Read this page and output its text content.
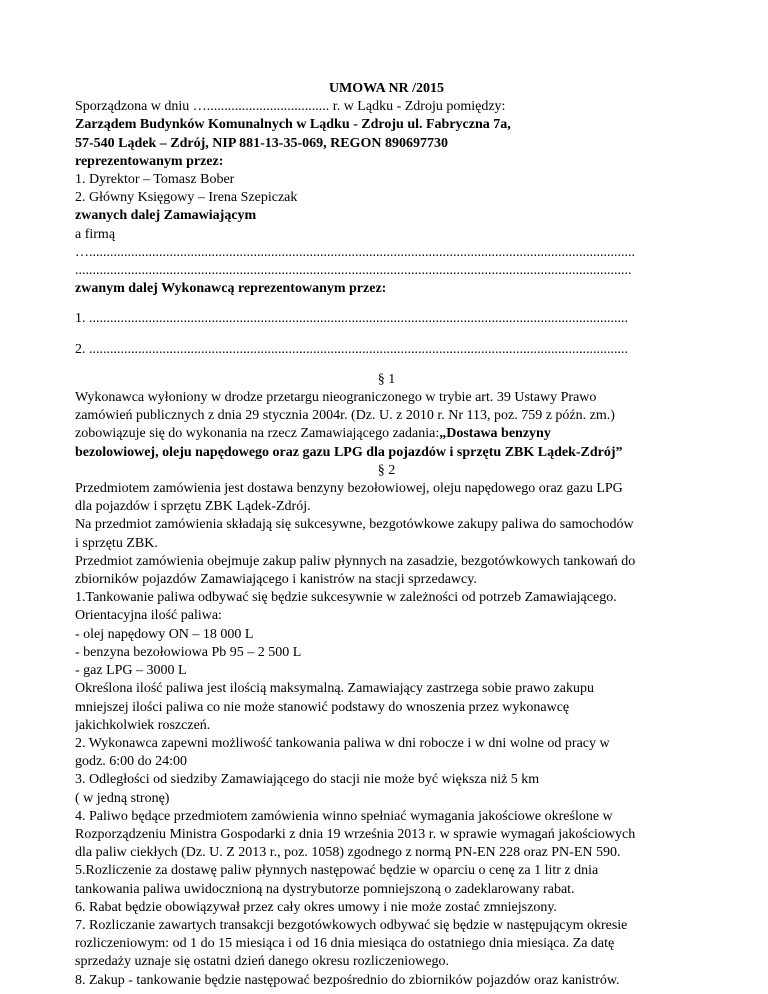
UMOWA NR /2015
Sporządzona w dniu …................................... r. w Lądku - Zdroju pomiędzy:
Zarządem Budynków Komunalnych w Lądku - Zdroju ul. Fabryczna 7a,
57-540 Lądek – Zdrój, NIP 881-13-35-069, REGON 890697730
reprezentowanym przez:
1. Dyrektor – Tomasz Bober
2. Główny Księgowy – Irena Szepiczak
zwanych dalej Zamawiającym
a firmą
…............................................................................................................................................................
...............................................................................................................................................................
zwanym dalej Wykonawcą reprezentowanym przez:
1. ..........................................................................................................................................................
2. ..........................................................................................................................................................
§ 1
Wykonawca wyłoniony w drodze przetargu nieograniczonego w trybie art. 39 Ustawy Prawo
zamówień publicznych z dnia 29 stycznia 2004r. (Dz. U. z 2010 r. Nr 113, poz. 759 z późn. zm.)
zobowiązuje się do wykonania na rzecz Zamawiającego zadania:„Dostawa benzyny
bezolowiowej, oleju napędowego oraz gazu LPG dla pojazdów i sprzętu ZBK Lądek-Zdrój”
§ 2
Przedmiotem zamówienia jest dostawa benzyny bezołowiowej, oleju napędowego oraz gazu LPG
dla pojazdów i sprzętu ZBK Lądek-Zdrój.
Na przedmiot zamówienia składają się sukcesywne, bezgotówkowe zakupy paliwa do samochodów
i sprzętu ZBK.
Przedmiot zamówienia obejmuje zakup paliw płynnych na zasadzie, bezgotówkowych tankowań do
zbiorników pojazdów Zamawiającego i kanistrów na stacji sprzedawcy.
1.Tankowanie paliwa odbywać się będzie sukcesywnie w zależności od potrzeb Zamawiającego.
Orientacyjna ilość paliwa:
- olej napędowy ON – 18 000 L
- benzyna bezołowiowa Pb 95 – 2 500 L
- gaz LPG – 3000 L
Określona ilość paliwa jest ilością maksymalną. Zamawiający zastrzega sobie prawo zakupu
mniejszej ilości paliwa co nie może stanowić podstawy do wnoszenia przez wykonawcę
jakichkolwiek roszczeń.
2. Wykonawca zapewni możliwość tankowania paliwa w dni robocze i w dni wolne od pracy w
godz. 6:00 do 24:00
3. Odległości od siedziby Zamawiającego do stacji nie może być większa niż 5 km
( w jedną stronę)
4. Paliwo będące przedmiotem zamówienia winno spełniać wymagania jakościowe określone w
Rozporządzeniu Ministra Gospodarki z dnia 19 września 2013 r. w sprawie wymagań jakościowych
dla paliw ciekłych (Dz. U. Z 2013 r., poz. 1058) zgodnego z normą PN-EN 228 oraz PN-EN 590.
5.Rozliczenie za dostawę paliw płynnych następować będzie w oparciu o cenę za 1 litr z dnia
tankowania paliwa uwidocznioną na dystrybutorze pomniejszoną o zadeklarowany rabat.
6. Rabat będzie obowiązywał przez cały okres umowy i nie może zostać zmniejszony.
7. Rozliczanie zawartych transakcji bezgotówkowych odbywać się będzie w następującym okresie
rozliczeniowym: od 1 do 15 miesiąca i od 16 dnia miesiąca do ostatniego dnia miesiąca. Za datę
sprzedaży uznaje się ostatni dzień danego okresu rozliczeniowego.
8. Zakup - tankowanie będzie następować bezpośrednio do zbiorników pojazdów oraz kanistrów.
